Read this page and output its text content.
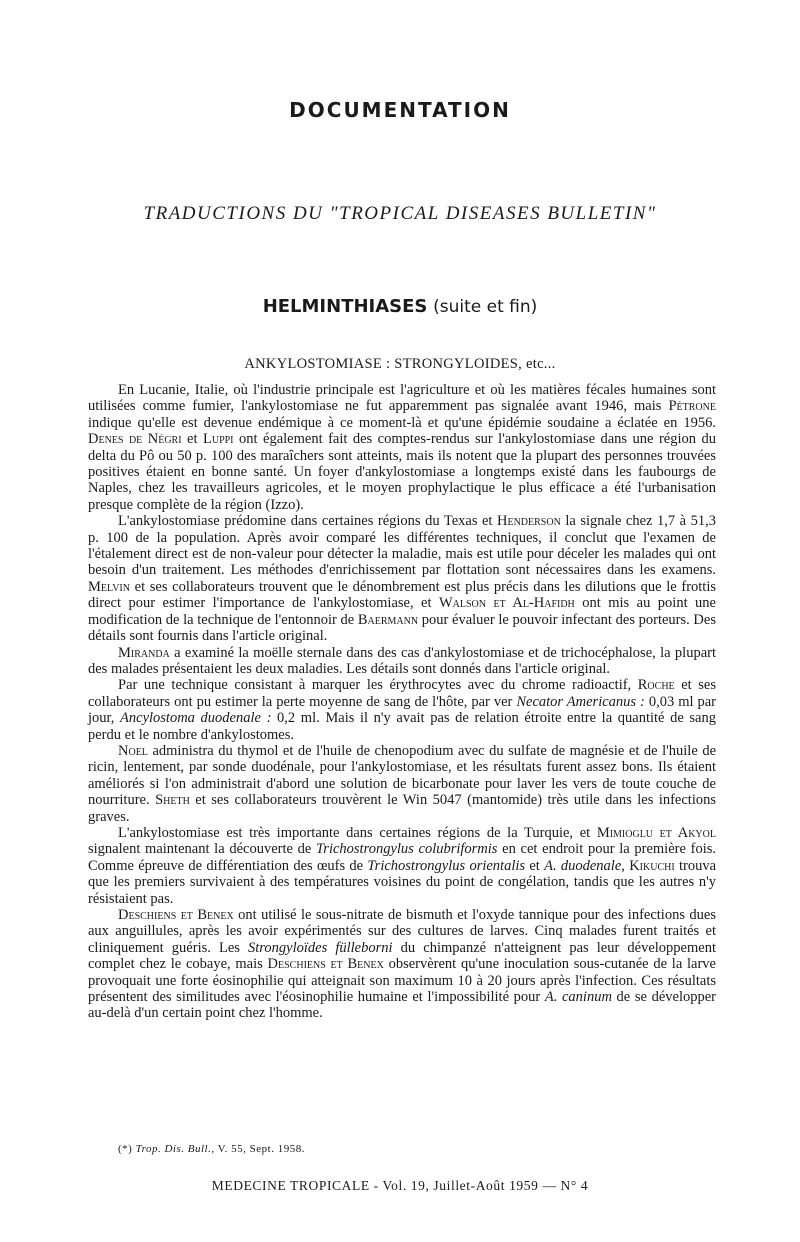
DOCUMENTATION
TRADUCTIONS DU "TROPICAL DISEASES BULLETIN"
HELMINTHIASES (suite et fin)
ANKYLOSTOMIASE : STRONGYLOIDES, etc...

En Lucanie, Italie, où l'industrie principale est l'agriculture et où les matières fécales humaines sont utilisées comme fumier, l'ankylostomiase ne fut apparemment pas signalée avant 1946, mais Pétrone indique qu'elle est devenue endémique à ce moment-là et qu'une épidémie soudaine a éclatée en 1956. Denes de Négri et Luppi ont également fait des comptes-rendus sur l'ankylostomiase dans une région du delta du Pô ou 50 p. 100 des maraîchers sont atteints, mais ils notent que la plupart des personnes trouvées positives étaient en bonne santé. Un foyer d'ankylostomiase a longtemps existé dans les faubourgs de Naples, chez les travailleurs agricoles, et le moyen prophylactique le plus efficace a été l'urbanisation presque complète de la région (Izzo).

L'ankylostomiase prédomine dans certaines régions du Texas et Henderson la signale chez 1,7 à 51,3 p. 100 de la population. Après avoir comparé les différentes techniques, il conclut que l'examen de l'étalement direct est de non-valeur pour détecter la maladie, mais est utile pour déceler les malades qui ont besoin d'un traitement. Les méthodes d'enrichissement par flottation sont nécessaires dans les examens. Melvin et ses collaborateurs trouvent que le dénombrement est plus précis dans les dilutions que le frottis direct pour estimer l'importance de l'ankylostomiase, et Walson et Al-Hafidh ont mis au point une modification de la technique de l'entonnoir de Baermann pour évaluer le pouvoir infectant des porteurs. Des détails sont fournis dans l'article original.

Miranda a examiné la moëlle sternale dans des cas d'ankylostomiase et de trichocéphalose, la plupart des malades présentaient les deux maladies. Les détails sont donnés dans l'article original.

Par une technique consistant à marquer les érythrocytes avec du chrome radioactif, Roche et ses collaborateurs ont pu estimer la perte moyenne de sang de l'hôte, par ver Necator Americanus : 0,03 ml par jour, Ancylostoma duodenale : 0,2 ml. Mais il n'y avait pas de relation étroite entre la quantité de sang perdu et le nombre d'ankylostomes.

Noel administra du thymol et de l'huile de chenopodium avec du sulfate de magnésie et de l'huile de ricin, lentement, par sonde duodénale, pour l'ankylostomiase, et les résultats furent assez bons. Ils étaient améliorés si l'on administrait d'abord une solution de bicarbonate pour laver les vers de toute couche de nourriture. Sheth et ses collaborateurs trouvèrent le Win 5047 (mantomide) très utile dans les infections graves.

L'ankylostomiase est très importante dans certaines régions de la Turquie, et Mimioglu et Akyol signalent maintenant la découverte de Trichostrongylus colubriformis en cet endroit pour la première fois. Comme épreuve de différentiation des œufs de Trichostrongylus orientalis et A. duodenale, Kikuchi trouva que les premiers survivaient à des températures voisines du point de congélation, tandis que les autres n'y résistaient pas.

Deschiens et Benex ont utilisé le sous-nitrate de bismuth et l'oxyde tannique pour des infections dues aux anguillules, après les avoir expérimentés sur des cultures de larves. Cinq malades furent traités et cliniquement guéris. Les Strongyloïdes fülleborni du chimpanzé n'atteignent pas leur développement complet chez le cobaye, mais Deschiens et Benex observèrent qu'une inoculation sous-cutanée de la larve provoquait une forte éosinophilie qui atteignait son maximum 10 à 20 jours après l'infection. Ces résultats présentent des similitudes avec l'éosinophilie humaine et l'impossibilité pour A. caninum de se développer au-delà d'un certain point chez l'homme.

(*) Trop. Dis. Bull., V. 55, Sept. 1958.
MEDECINE TROPICALE - Vol. 19, Juillet-Août 1959 — N° 4
